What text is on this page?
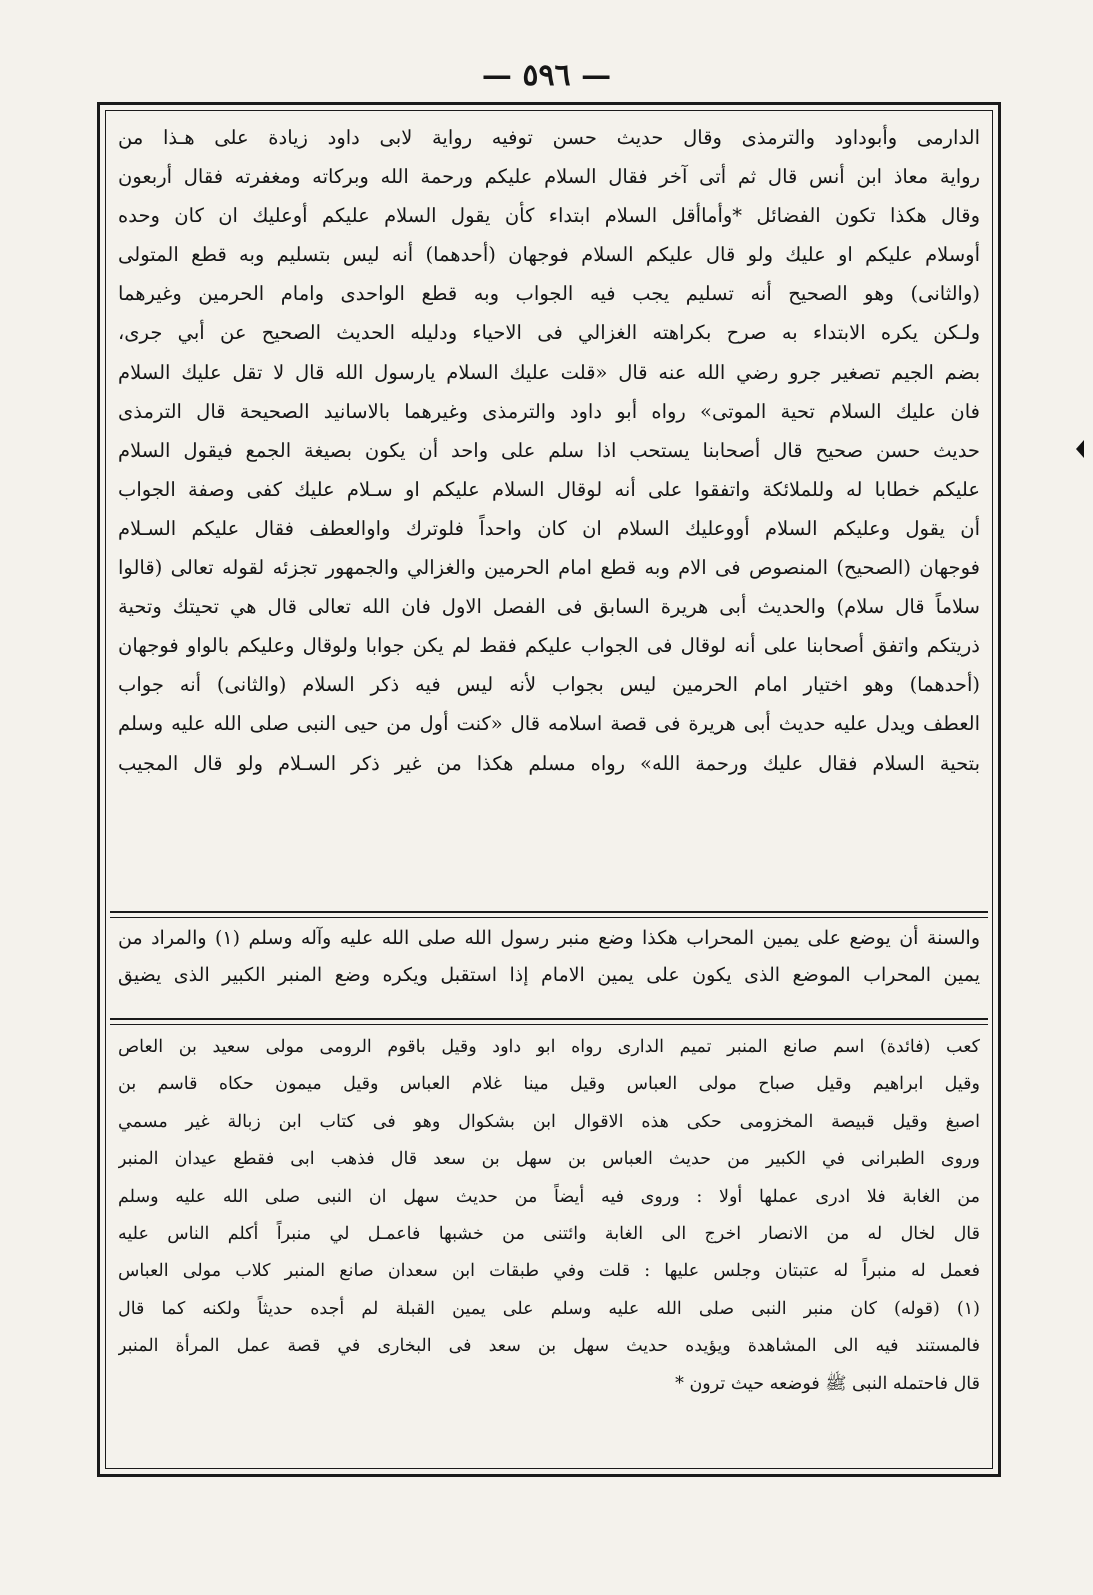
— ٥٩٦ —
الدارمى وأبوداود والترمذى وقال حديث حسن توفيه رواية لابى داود زيادة على هـذا من
رواية معاذ ابن أنس قال ثم أتى آخر فقال السلام عليكم ورحمة الله وبركاته ومغفرته فقال أربعون
وقال هكذا تكون الفضائل *وأماأقل السلام ابتداء كأن يقول السلام عليكم أوعليك ان كان وحده
أوسلام عليكم او عليك ولو قال عليكم السلام فوجهان (أحدهما) أنه ليس بتسليم وبه قطع المتولى
(والثانى) وهو الصحيح أنه تسليم يجب فيه الجواب وبه قطع الواحدى وامام الحرمين وغيرهما
ولـكن يكره الابتداء به صرح بكراهته الغزالي فى الاحياء ودليله الحديث الصحيح عن أبي جرى،
بضم الجيم تصغير جرو رضي الله عنه قال «قلت عليك السلام يارسول الله قال لا تقل عليك السلام
فان عليك السلام تحية الموتى» رواه أبو داود والترمذى وغيرهما بالاسانيد الصحيحة قال الترمذى
حديث حسن صحيح قال أصحابنا يستحب اذا سلم على واحد أن يكون بصيغة الجمع فيقول السلام
عليكم خطابا له وللملائكة واتفقوا على أنه لوقال السلام عليكم او سـلام عليك كفى وصفة الجواب
أن يقول وعليكم السلام أووعليك السلام ان كان واحداً فلوترك واوالعطف فقال عليكم السـلام
فوجهان (الصحيح) المنصوص فى الام وبه قطع امام الحرمين والغزالي والجمهور تجزئه لقوله تعالى (قالوا
سلاماً قال سلام) والحديث أبى هريرة السابق فى الفصل الاول فان الله تعالى قال هي تحيتك وتحية
ذريتكم واتفق أصحابنا على أنه لوقال فى الجواب عليكم فقط لم يكن جوابا ولوقال وعليكم بالواو فوجهان
(أحدهما) وهو اختيار امام الحرمين ليس بجواب لأنه ليس فيه ذكر السلام (والثانى) أنه جواب
العطف ويدل عليه حديث أبى هريرة فى قصة اسلامه قال «كنت أول من حيى النبى صلى الله عليه وسلم
بتحية السلام فقال عليك ورحمة الله» رواه مسلم هكذا من غير ذكر السـلام ولو قال المجيب
والسنة أن يوضع على يمين المحراب هكذا وضع منبر رسول الله صلى الله عليه وآله وسلم (١) والمراد من
يمين المحراب الموضع الذى يكون على يمين الامام إذا استقبل ويكره وضع المنبر الكبير الذى يضيق
كعب (فائدة) اسم صانع المنبر تميم الدارى رواه ابو داود وقيل باقوم الرومى مولى سعيد بن العاص
وقيل ابراهيم وقيل صباح مولى العباس وقيل مينا غلام العباس وقيل ميمون حكاه قاسم بن
اصبغ وقيل قبيصة المخزومى حكى هذه الاقوال ابن بشكوال وهو فى كتاب ابن زبالة غير مسمي
وروى الطبرانى في الكبير من حديث العباس بن سهل بن سعد قال فذهب ابى فقطع عيدان المنبر
من الغابة فلا ادرى عملها أولا : وروى فيه أيضاً من حديث سهل ان النبى صلى الله عليه وسلم
قال لخال له من الانصار اخرج الى الغابة وائتنى من خشبها فاعمـل لي منبراً أكلم الناس عليه
فعمل له منبراً له عتبتان وجلس عليها : قلت وفي طبقات ابن سعدان صانع المنبر كلاب مولى العباس
(١) (قوله) كان منبر النبى صلى الله عليه وسلم على يمين القبلة لم أجده حديثاً ولكنه كما قال
فالمستند فيه الى المشاهدة ويؤيده حديث سهل بن سعد فى البخارى في قصة عمل المرأة المنبر
قال فاحتمله النبى ﷺ فوضعه حيث ترون *
